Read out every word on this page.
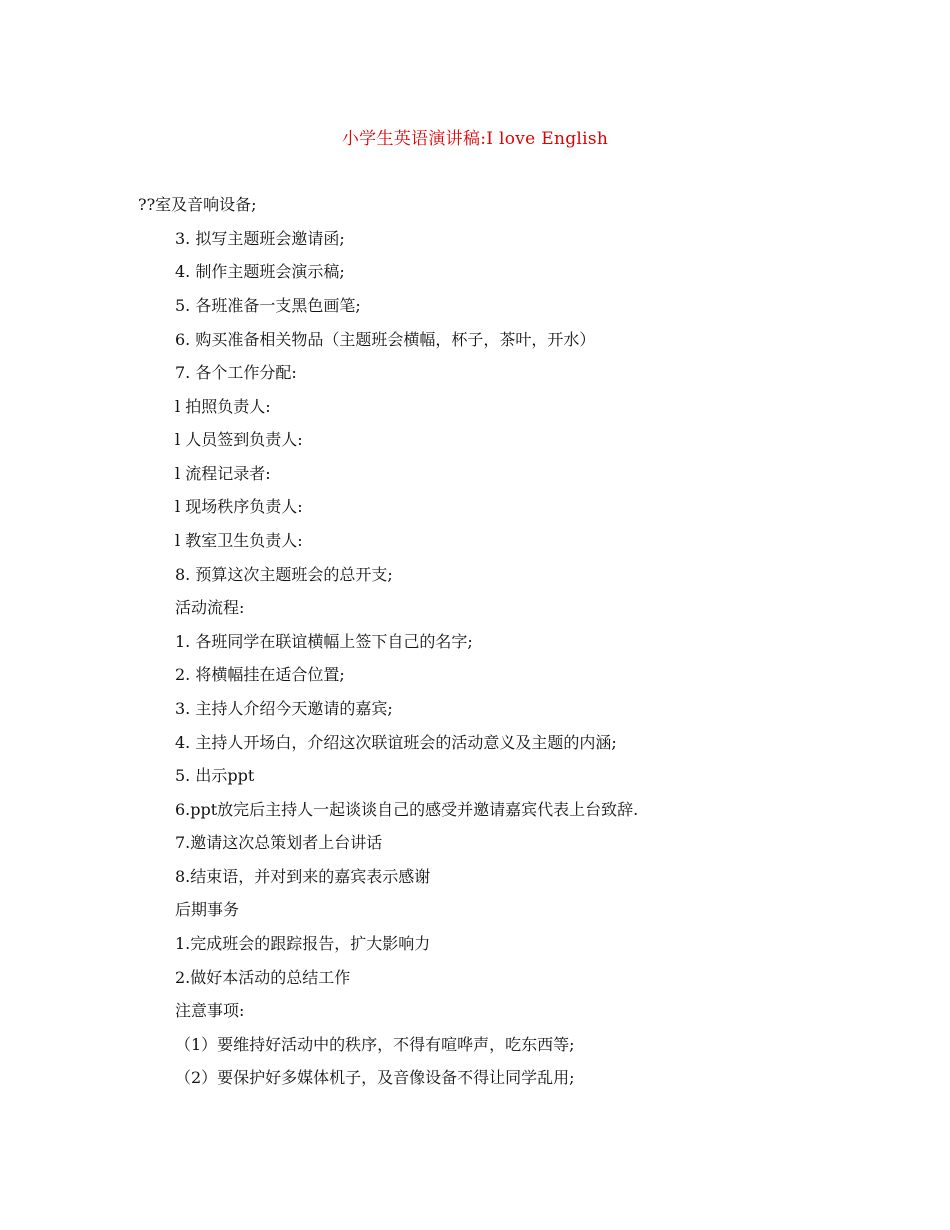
小学生英语演讲稿:I love English
??室及音响设备;
3. 拟写主题班会邀请函;
4. 制作主题班会演示稿;
5. 各班准备一支黑色画笔;
6. 购买准备相关物品（主题班会横幅，杯子，茶叶，开水）
7. 各个工作分配:
l 拍照负责人:
l 人员签到负责人:
l 流程记录者:
l 现场秩序负责人:
l 教室卫生负责人:
8. 预算这次主题班会的总开支;
活动流程:
1. 各班同学在联谊横幅上签下自己的名字;
2. 将横幅挂在适合位置;
3. 主持人介绍今天邀请的嘉宾;
4. 主持人开场白，介绍这次联谊班会的活动意义及主题的内涵;
5. 出示ppt
6.ppt放完后主持人一起谈谈自己的感受并邀请嘉宾代表上台致辞.
7.邀请这次总策划者上台讲话
8.结束语，并对到来的嘉宾表示感谢
后期事务
1.完成班会的跟踪报告，扩大影响力
2.做好本活动的总结工作
注意事项:
（1）要维持好活动中的秩序，不得有喧哗声，吃东西等;
（2）要保护好多媒体机子，及音像设备不得让同学乱用;
